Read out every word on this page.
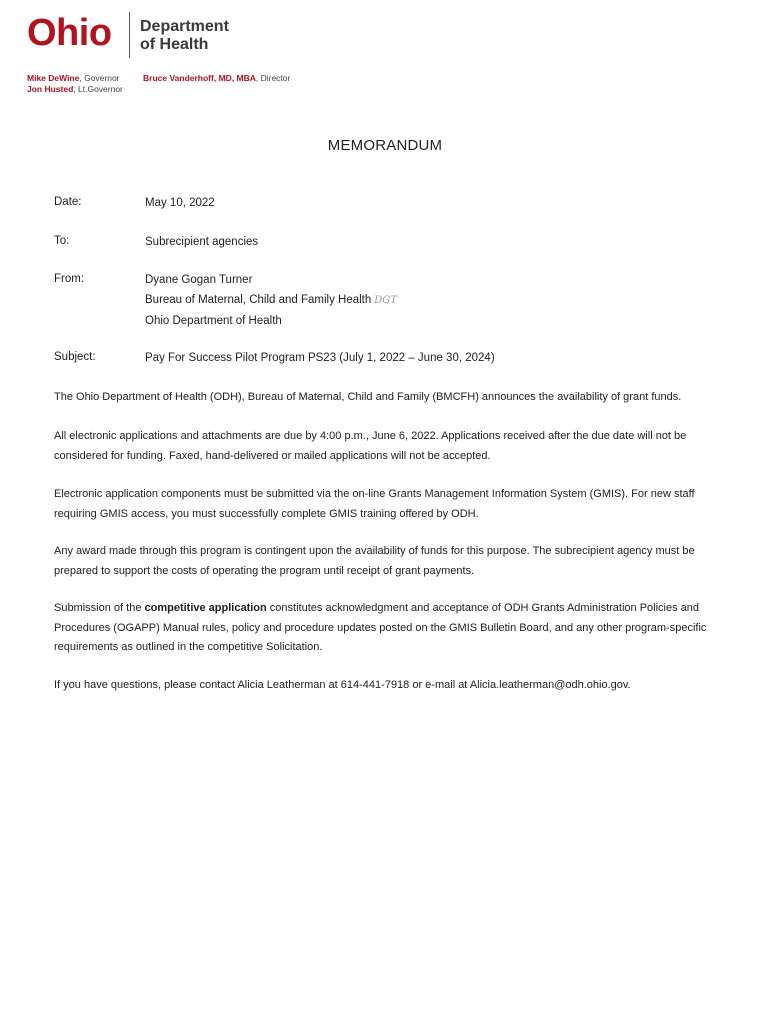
Ohio Department
of Health
Mike DeWine, Governor
Jon Husted, Lt.Governor
Bruce Vanderhoff, MD, MBA, Director
MEMORANDUM
Date:	May 10, 2022
To:	Subrecipient agencies
From:	Dyane Gogan Turner
Bureau of Maternal, Child and Family Health DGT
Ohio Department of Health
Subject:	Pay For Success Pilot Program PS23 (July 1, 2022 – June 30, 2024)
The Ohio Department of Health (ODH), Bureau of Maternal, Child and Family (BMCFH) announces the availability of grant funds.
All electronic applications and attachments are due by 4:00 p.m., June 6, 2022. Applications received after the due date will not be considered for funding. Faxed, hand-delivered or mailed applications will not be accepted.
Electronic application components must be submitted via the on-line Grants Management Information System (GMIS). For new staff requiring GMIS access, you must successfully complete GMIS training offered by ODH.
Any award made through this program is contingent upon the availability of funds for this purpose. The subrecipient agency must be prepared to support the costs of operating the program until receipt of grant payments.
Submission of the competitive application constitutes acknowledgment and acceptance of ODH Grants Administration Policies and Procedures (OGAPP) Manual rules, policy and procedure updates posted on the GMIS Bulletin Board, and any other program-specific requirements as outlined in the competitive Solicitation.
If you have questions, please contact Alicia Leatherman at 614-441-7918 or e-mail at Alicia.leatherman@odh.ohio.gov.
